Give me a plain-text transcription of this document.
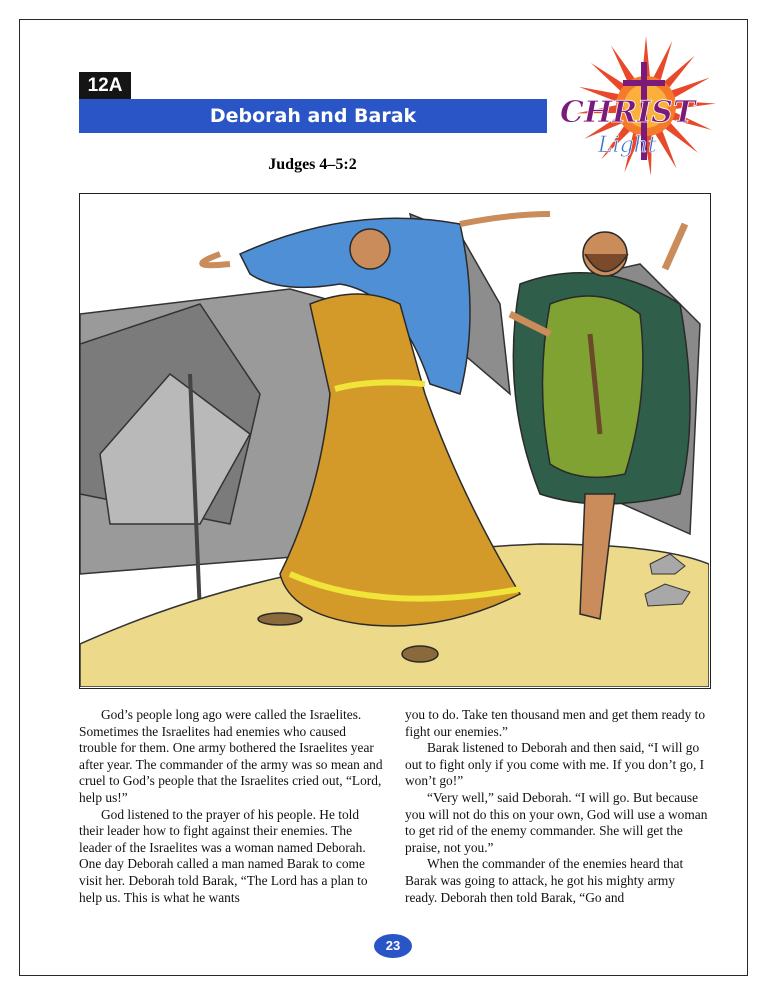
12A
Deborah and Barak	CHRIST
Light
Judges 4–5:2

God’s people long ago were called the Israelites. Sometimes the Israelites had enemies who caused trouble for them. One army bothered the Israelites year after year. The commander of the army was so mean and cruel to God’s people that the Israelites cried out, “Lord, help us!”

God listened to the prayer of his people. He told their leader how to fight against their enemies. The leader of the Israelites was a woman named Deborah. One day Deborah called a man named Barak to come visit her. Deborah told Barak, “The Lord has a plan to help us. This is what he wants

you to do. Take ten thousand men and get them ready to fight our enemies.”

Barak listened to Deborah and then said, “I will go out to fight only if you come with me. If you don’t go, I won’t go!”

“Very well,” said Deborah. “I will go. But because you will not do this on your own, God will use a woman to get rid of the enemy commander. She will get the praise, not you.”

When the commander of the enemies heard that Barak was going to attack, he got his mighty army ready. Deborah then told Barak, “Go and

23
